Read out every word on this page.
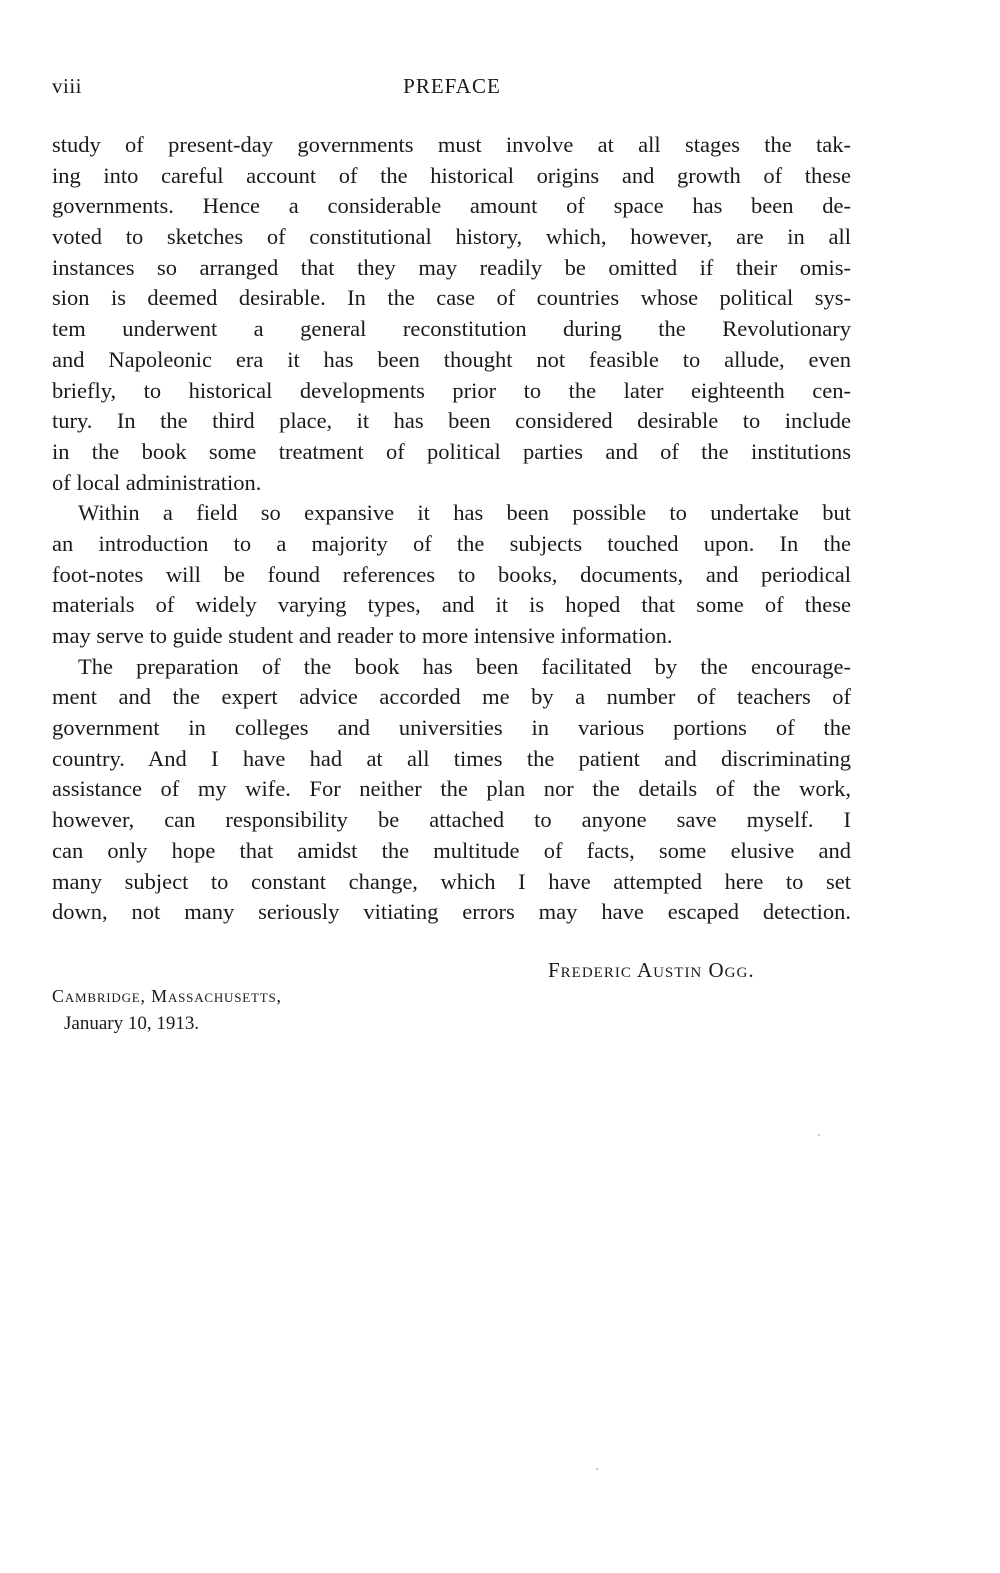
viii	PREFACE
study of present-day governments must involve at all stages the tak-
ing into careful account of the historical origins and growth of these
governments. Hence a considerable amount of space has been de-
voted to sketches of constitutional history, which, however, are in all
instances so arranged that they may readily be omitted if their omis-
sion is deemed desirable. In the case of countries whose political sys-
tem underwent a general reconstitution during the Revolutionary
and Napoleonic era it has been thought not feasible to allude, even
briefly, to historical developments prior to the later eighteenth cen-
tury. In the third place, it has been considered desirable to include
in the book some treatment of political parties and of the institutions
of local administration.
Within a field so expansive it has been possible to undertake but
an introduction to a majority of the subjects touched upon. In the
foot-notes will be found references to books, documents, and periodical
materials of widely varying types, and it is hoped that some of these
may serve to guide student and reader to more intensive information.
The preparation of the book has been facilitated by the encourage-
ment and the expert advice accorded me by a number of teachers of
government in colleges and universities in various portions of the
country. And I have had at all times the patient and discriminating
assistance of my wife. For neither the plan nor the details of the work,
however, can responsibility be attached to anyone save myself. I
can only hope that amidst the multitude of facts, some elusive and
many subject to constant change, which I have attempted here to set
down, not many seriously vitiating errors may have escaped detection.
Frederic Austin Ogg.
Cambridge, Massachusetts,
January 10, 1913.
